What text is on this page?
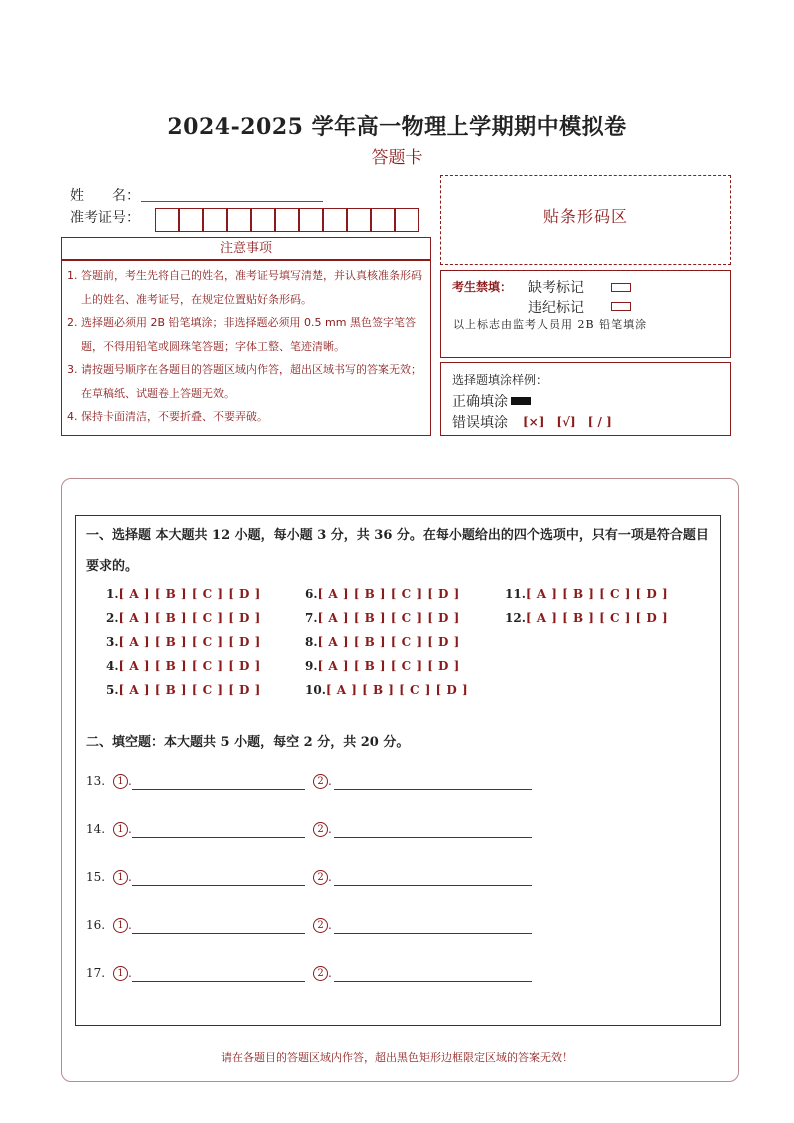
2024-2025 学年高一物理上学期期中模拟卷
答题卡
姓　　名：
准考证号：
注意事项
1. 答题前，考生先将自己的姓名，准考证号填写清楚，并认真核准条形码上的姓名、准考证号，在规定位置贴好条形码。
2. 选择题必须用 2B 铅笔填涂；非选择题必须用 0.5 mm 黑色签字笔答题，不得用铅笔或圆珠笔答题；字体工整、笔迹清晰。
3. 请按题号顺序在各题目的答题区域内作答，超出区域书写的答案无效；在草稿纸、试题卷上答题无效。
4. 保持卡面清洁，不要折叠、不要弄破。
贴条形码区
考生禁填： 缺考标记
违纪标记
以上标志由监考人员用 2B 铅笔填涂
选择题填涂样例：
正确填涂
错误填涂 [×]　[√]　[ / ]
一、选择题 本大题共 12 小题，每小题 3 分，共 36 分。在每小题给出的四个选项中，只有一项是符合题目要求的。
1.[ A ] [ B ] [ C ] [ D ]
2.[ A ] [ B ] [ C ] [ D ]
3.[ A ] [ B ] [ C ] [ D ]
4.[ A ] [ B ] [ C ] [ D ]
5.[ A ] [ B ] [ C ] [ D ]
6.[ A ] [ B ] [ C ] [ D ]
7.[ A ] [ B ] [ C ] [ D ]
8.[ A ] [ B ] [ C ] [ D ]
9.[ A ] [ B ] [ C ] [ D ]
10.[ A ] [ B ] [ C ] [ D ]
11.[ A ] [ B ] [ C ] [ D ]
12.[ A ] [ B ] [ C ] [ D ]
二、填空题：本大题共 5 小题，每空 2 分，共 20 分。
13.	1 .	2 .
14.	1 .	2 .
15.	1 .	2 .
16.	1 .	2 .
17.	1 .	2 .
请在各题目的答题区域内作答，超出黑色矩形边框限定区域的答案无效！
